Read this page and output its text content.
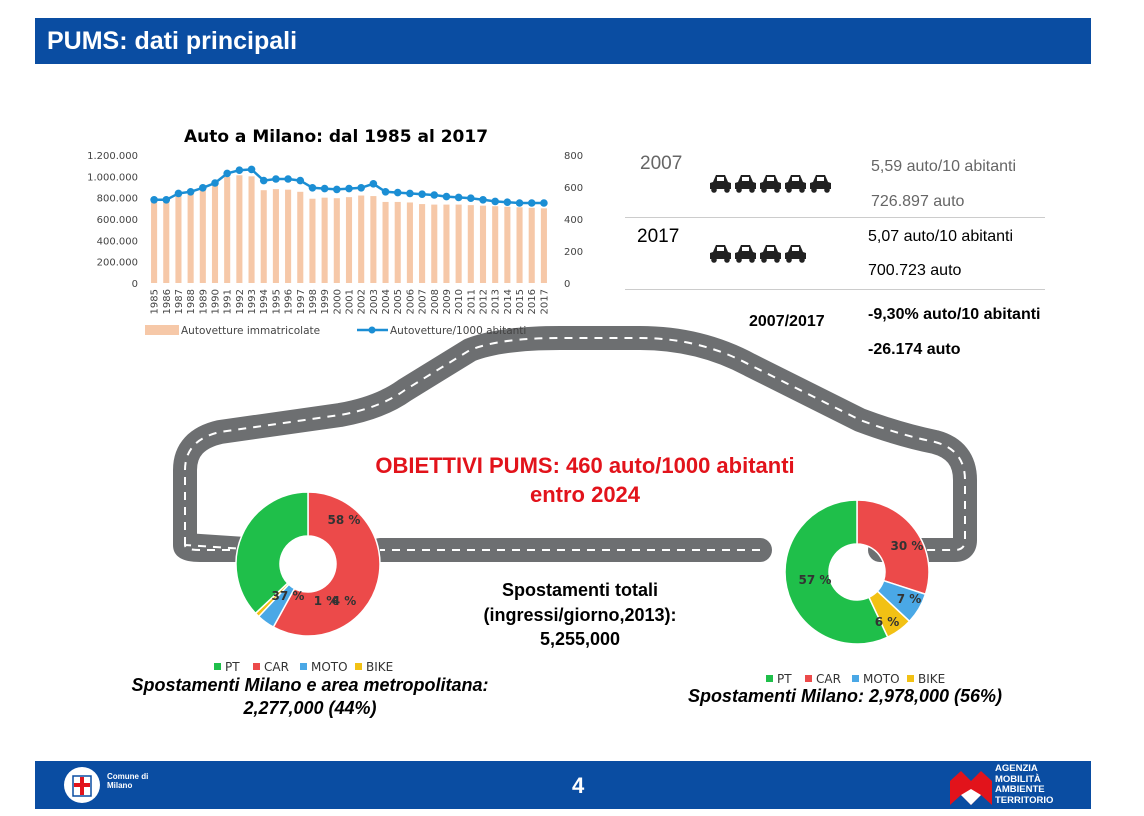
PUMS: dati principali
Auto a Milano: dal 1985 al 2017
1.200.000
1.000.000
800.000
600.000
400.000
200.000
0
800
600
400
200
0
1985 1986 1987 1988 1989 1990 1991 1992 1993 1994 1995 1996 1997 1998 1999 2000 2001 2002 2003 2004 2005 2006 2007 2008 2009 2010 2011 2012 2013 2014 2015 2016 2017
Autovetture immatricolate	Autovetture/1000 abitanti
2007	5,59 auto/10 abitanti
726.897 auto
2017	5,07 auto/10 abitanti
700.723 auto
2007/2017	-9,30% auto/10 abitanti
-26.174 auto
OBIETTIVI PUMS: 460 auto/1000 abitanti
entro 2024
Spostamenti totali
(ingressi/giorno,2013):
5,255,000
58 %
37 % 4 %
1 %
30 %
57 %
7 %
6 %
PT CAR MOTO BIKE
PT CAR MOTO BIKE
Spostamenti Milano e area metropolitana:
2,277,000 (44%)
Spostamenti Milano: 2,978,000 (56%)
Comune di Milano	4
AGENZIA MOBILITÀ AMBIENTE TERRITORIO
